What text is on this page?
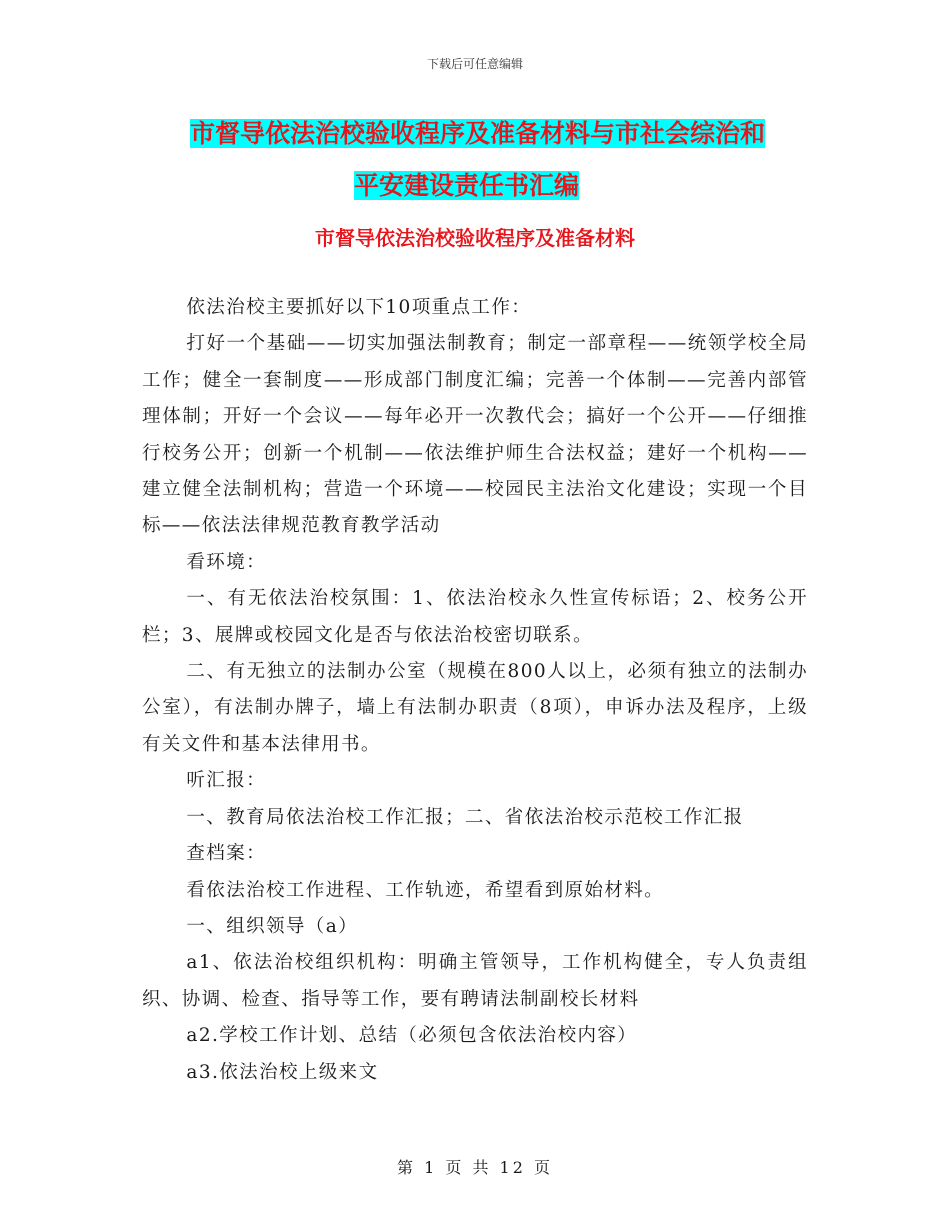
下载后可任意编辑
市督导依法治校验收程序及准备材料与市社会综治和
平安建设责任书汇编
市督导依法治校验收程序及准备材料

依法治校主要抓好以下10项重点工作：

打好一个基础——切实加强法制教育；制定一部章程——统领学校全局工作；健全一套制度——形成部门制度汇编；完善一个体制——完善内部管理体制；开好一个会议——每年必开一次教代会；搞好一个公开——仔细推行校务公开；创新一个机制——依法维护师生合法权益；建好一个机构——建立健全法制机构；营造一个环境——校园民主法治文化建设；实现一个目标——依法法律规范教育教学活动

看环境：

一、有无依法治校氛围：1、依法治校永久性宣传标语；2、校务公开栏；3、展牌或校园文化是否与依法治校密切联系。

二、有无独立的法制办公室（规模在800人以上，必须有独立的法制办公室），有法制办牌子，墙上有法制办职责（8项），申诉办法及程序，上级有关文件和基本法律用书。

听汇报：

一、教育局依法治校工作汇报；二、省依法治校示范校工作汇报

查档案：

看依法治校工作进程、工作轨迹，希望看到原始材料。

一、组织领导（a）

a1、依法治校组织机构：明确主管领导，工作机构健全，专人负责组织、协调、检查、指导等工作，要有聘请法制副校长材料

a2.学校工作计划、总结（必须包含依法治校内容）

a3.依法治校上级来文

第 1 页 共 12 页
